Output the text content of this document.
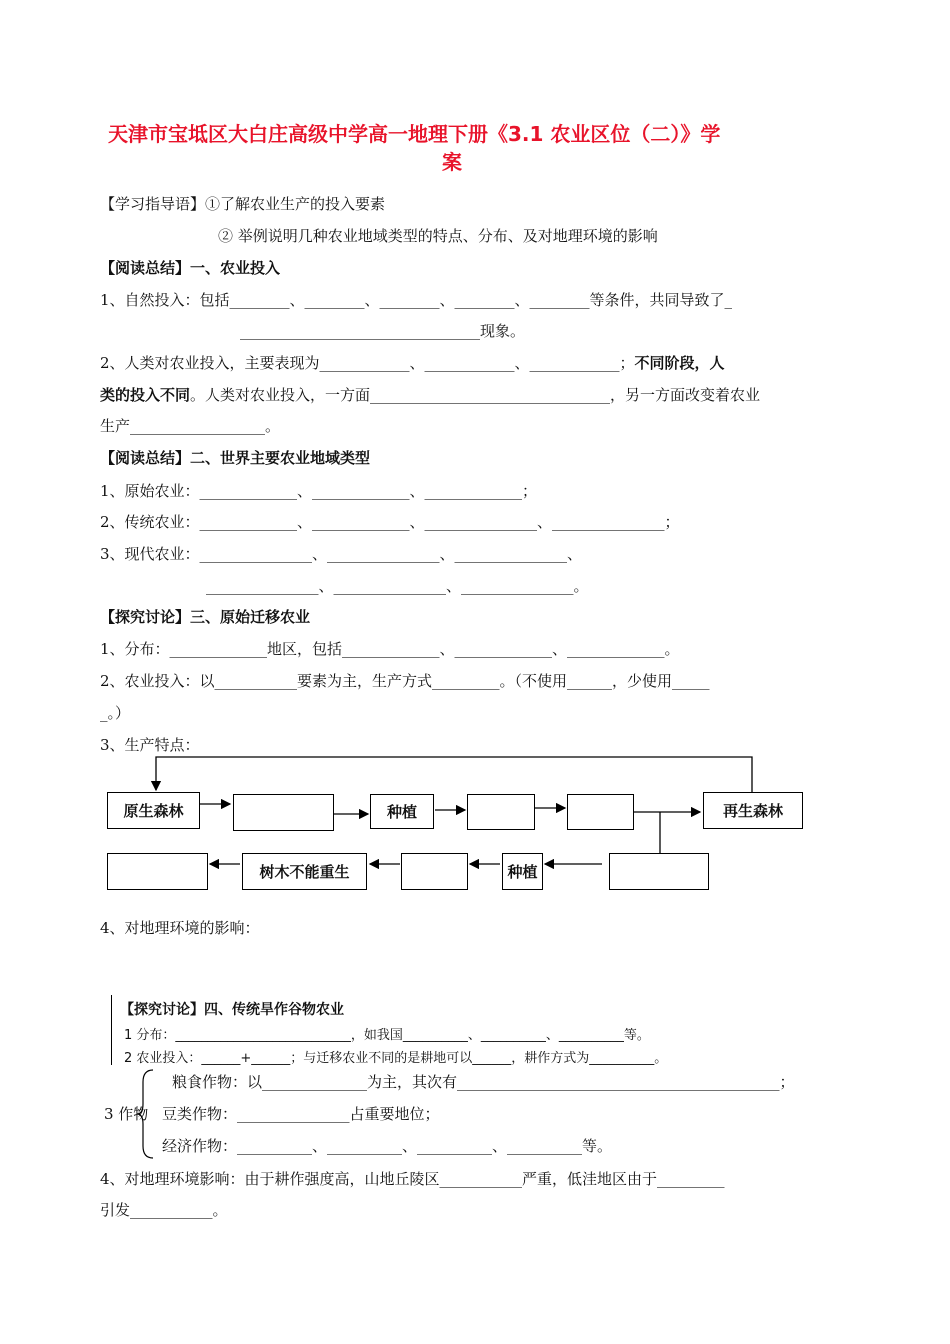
天津市宝坻区大白庄高级中学高一地理下册《3.1 农业区位（二）》学
案
【学习指导语】①了解农业生产的投入要素
② 举例说明几种农业地域类型的特点、分布、及对地理环境的影响
【阅读总结】一、农业投入
1、自然投入：包括________、________、________、________、________等条件，共同导致了_
________________________________现象。
2、人类对农业投入，主要表现为____________、____________、____________；不同阶段，人
类的投入不同。人类对农业投入，一方面________________________________，另一方面改变着农业
生产__________________。
【阅读总结】二、世界主要农业地域类型
1、原始农业：_____________、_____________、_____________；
2、传统农业：_____________、_____________、_______________、_______________；
3、现代农业：_______________、_______________、_______________、
_______________、_______________、_______________。
【探究讨论】三、原始迁移农业
1、分布：_____________地区，包括_____________、_____________、_____________。
2、农业投入：以___________要素为主，生产方式_________。（不使用______，少使用_____
_。）
3、生产特点：
原生森林	种植	再生森林
树木不能重生	种植
4、对地理环境的影响：
【探究讨论】四、传统旱作谷物农业
1 分布：___________________________，如我国__________、__________、__________等。
2 农业投入：______+______；与迁移农业不同的是耕地可以______，耕作方式为__________。
3 作物
粮食作物：以______________为主，其次有___________________________________________；
豆类作物：_______________占重要地位；
经济作物：__________、__________、__________、__________等。
4、对地理环境影响：由于耕作强度高，山地丘陵区___________严重，低洼地区由于_________
引发___________。
